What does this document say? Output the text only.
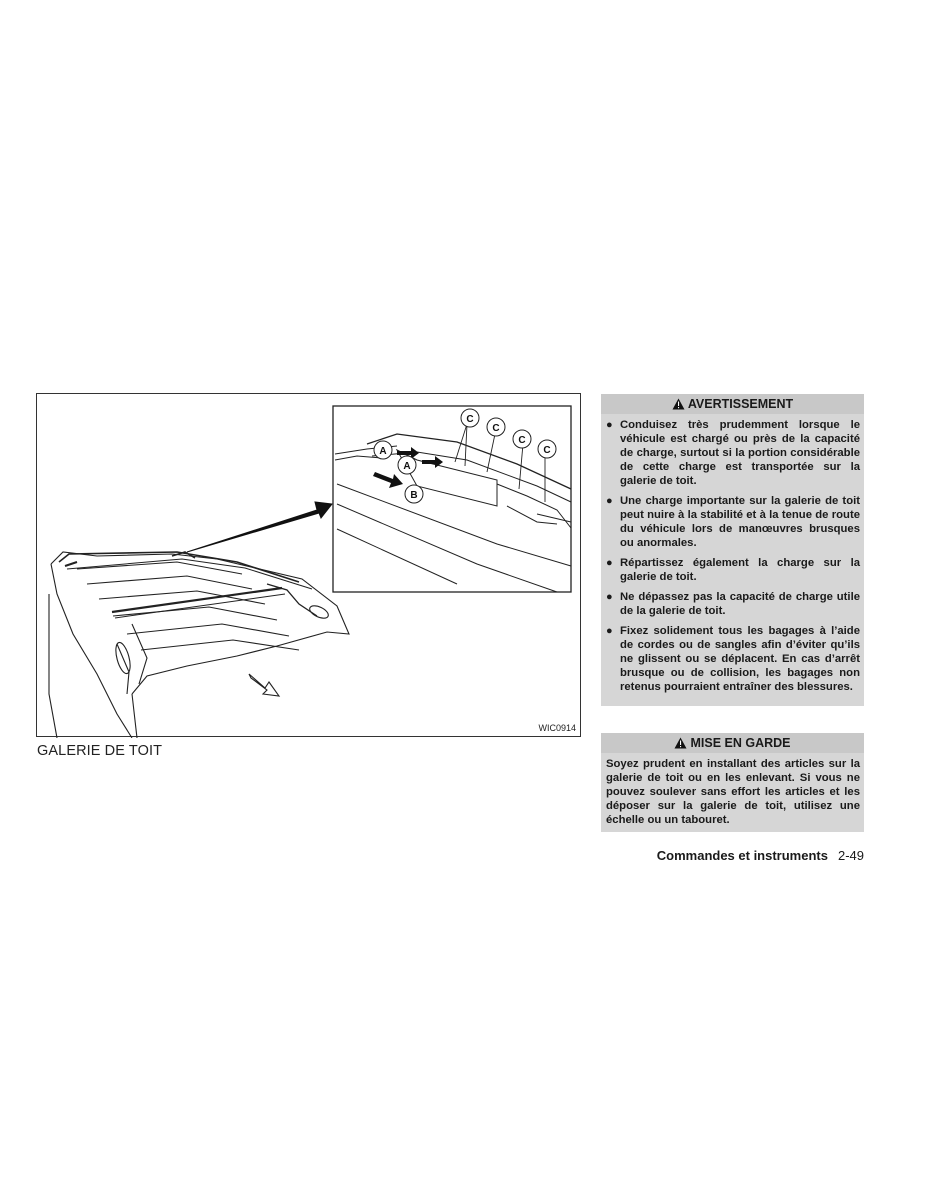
C
C
C
C
A
A
B
WIC0914
GALERIE DE TOIT
AVERTISSEMENT
● Conduisez très prudemment lorsque le véhicule est chargé ou près de la capacité de charge, surtout si la portion considérable de cette charge est transportée sur la galerie de toit.
● Une charge importante sur la galerie de toit peut nuire à la stabilité et à la tenue de route du véhicule lors de manœuvres brusques ou anormales.
● Répartissez également la charge sur la galerie de toit.
● Ne dépassez pas la capacité de charge utile de la galerie de toit.
● Fixez solidement tous les bagages à l’aide de cordes ou de sangles afin d’éviter qu’ils ne glissent ou se déplacent. En cas d’arrêt brusque ou de collision, les bagages non retenus pourraient entraîner des blessures.
MISE EN GARDE
Soyez prudent en installant des articles sur la galerie de toit ou en les enlevant. Si vous ne pouvez soulever sans effort les articles et les déposer sur la galerie de toit, utilisez une échelle ou un tabouret.
Commandes et instruments 2-49
